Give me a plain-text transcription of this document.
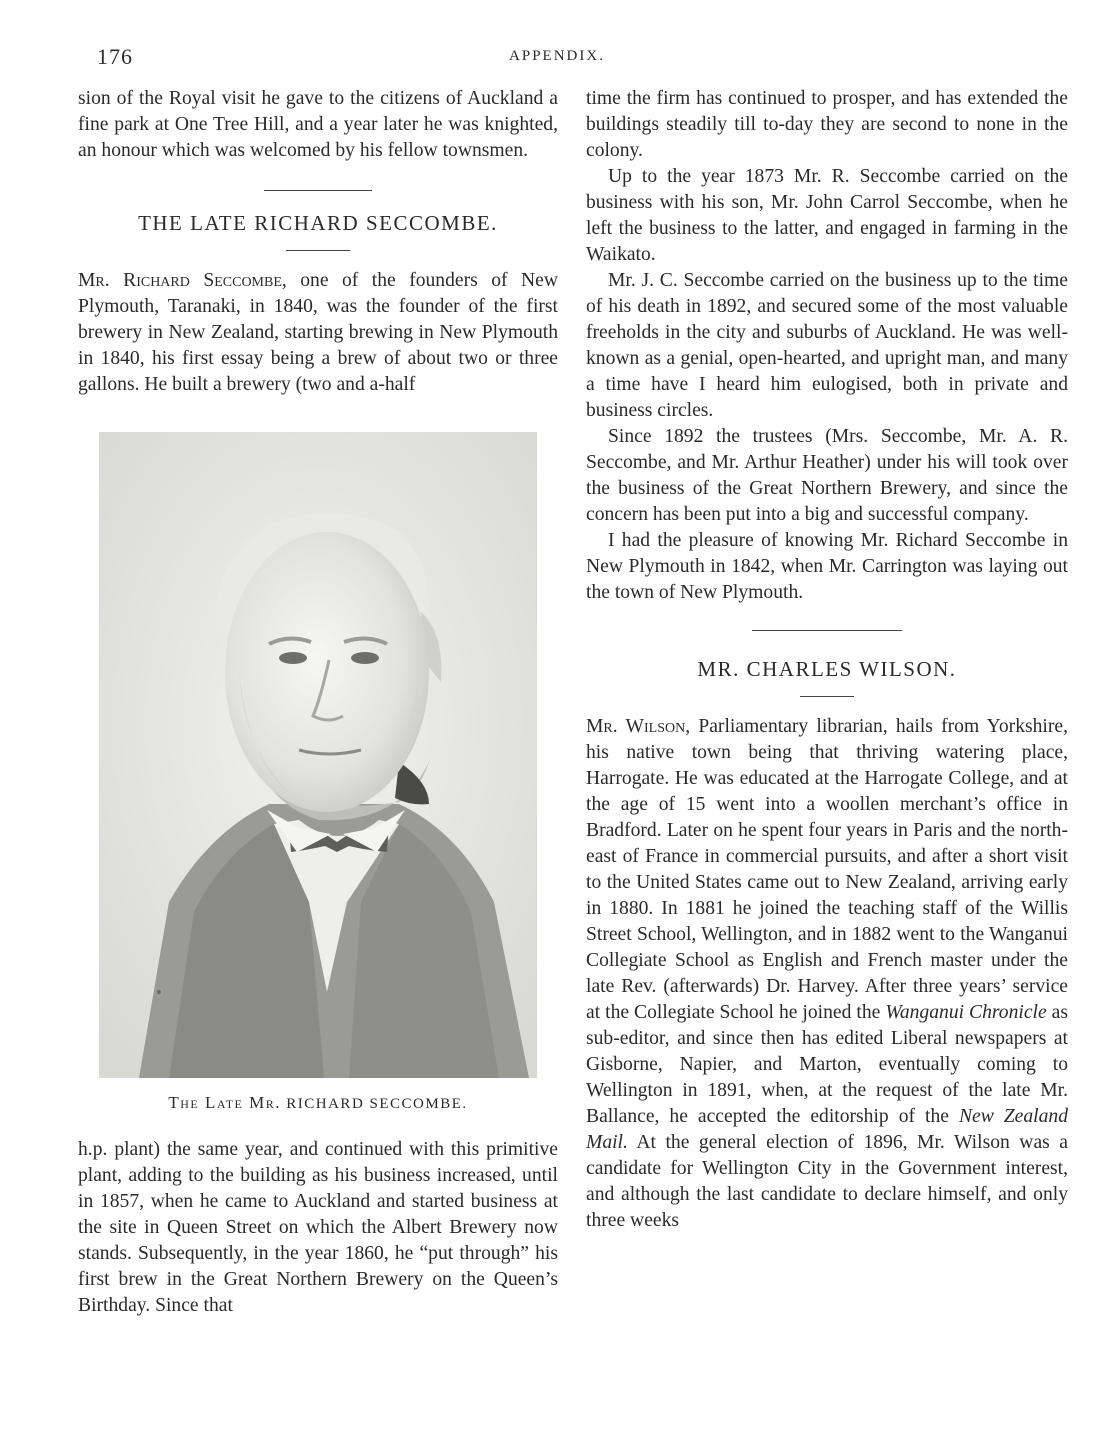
176	APPENDIX.

sion of the Royal visit he gave to the citizens of Auckland a fine park at One Tree Hill, and a year later he was knighted, an honour which was welcomed by his fellow townsmen.

THE LATE RICHARD SECCOMBE.

Mr. Richard Seccombe, one of the founders of New Plymouth, Taranaki, in 1840, was the founder of the first brewery in New Zealand, starting brewing in New Plymouth in 1840, his first essay being a brew of about two or three gallons. He built a brewery (two and a-half

The Late Mr. RICHARD SECCOMBE.

h.p. plant) the same year, and continued with this primitive plant, adding to the building as his business increased, until in 1857, when he came to Auckland and started business at the site in Queen Street on which the Albert Brewery now stands. Subsequently, in the year 1860, he “put through” his first brew in the Great Northern Brewery on the Queen’s Birthday. Since that

time the firm has continued to prosper, and has extended the buildings steadily till to-day they are second to none in the colony.

Up to the year 1873 Mr. R. Seccombe carried on the business with his son, Mr. John Carrol Seccombe, when he left the business to the latter, and engaged in farming in the Waikato.

Mr. J. C. Seccombe carried on the business up to the time of his death in 1892, and secured some of the most valuable freeholds in the city and suburbs of Auckland. He was well-known as a genial, open-hearted, and upright man, and many a time have I heard him eulogised, both in private and business circles.

Since 1892 the trustees (Mrs. Seccombe, Mr. A. R. Seccombe, and Mr. Arthur Heather) under his will took over the business of the Great Northern Brewery, and since the concern has been put into a big and successful company.

I had the pleasure of knowing Mr. Richard Seccombe in New Plymouth in 1842, when Mr. Carrington was laying out the town of New Plymouth.

MR. CHARLES WILSON.

Mr. Wilson, Parliamentary librarian, hails from Yorkshire, his native town being that thriving watering place, Harrogate. He was educated at the Harrogate College, and at the age of 15 went into a woollen merchant’s office in Bradford. Later on he spent four years in Paris and the north-east of France in commercial pursuits, and after a short visit to the United States came out to New Zealand, arriving early in 1880. In 1881 he joined the teaching staff of the Willis Street School, Wellington, and in 1882 went to the Wanganui Collegiate School as English and French master under the late Rev. (afterwards) Dr. Harvey. After three years’ service at the Collegiate School he joined the Wanganui Chronicle as sub-editor, and since then has edited Liberal newspapers at Gisborne, Napier, and Marton, eventually coming to Wellington in 1891, when, at the request of the late Mr. Ballance, he accepted the editorship of the New Zealand Mail. At the general election of 1896, Mr. Wilson was a candidate for Wellington City in the Government interest, and although the last candidate to declare himself, and only three weeks
